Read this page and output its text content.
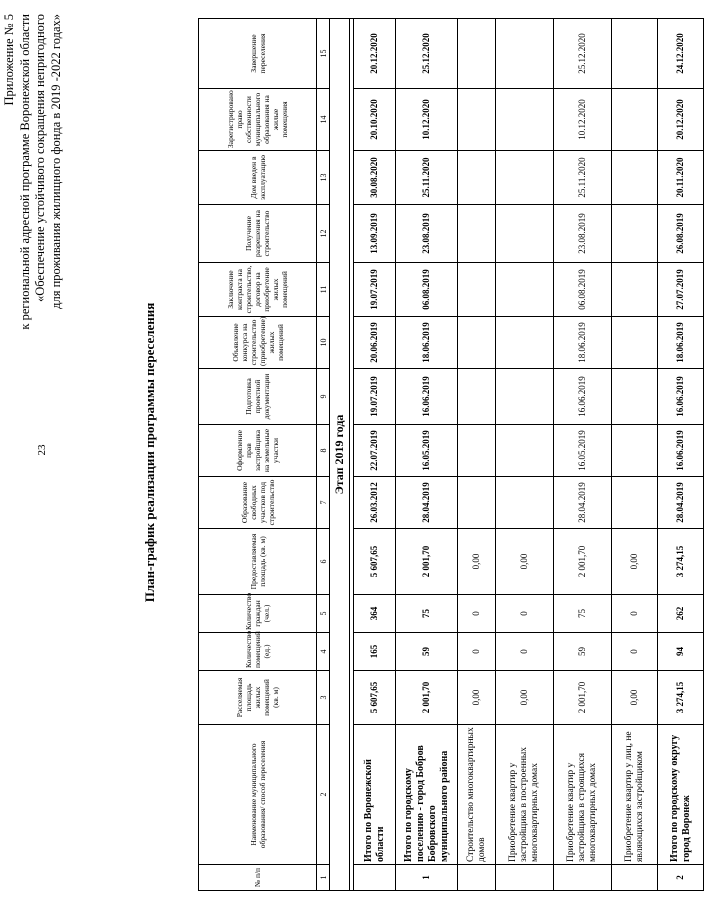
23
Приложение № 5 к региональной адресной программе Воронежской области «Обеспечение устойчивого сокращения непригодного для проживания жилищного фонда в 2019 -2022 годах»
План-график реализации программы переселения
№ п/п	Наименование муниципального образования/ способ переселения	Расселяемая площадь жилых помещений (кв. м)	Количество помещений (ед.)	Количество граждан (чел.)	Предоставляемая площадь (кв. м)	Образование свободных участков под строительство	Оформление прав застройщика на земельные участки	Подготовка проектной документации	Объявление конкурса на строительство (приобретение) жилых помещений	Заключение контракта на строительство, договор на приобретение жилых помещений	Получение разрешения на строительство	Дом введен в эксплуатацию	Зарегистрировано право собственности муниципального образования на жилые помещения	Завершение переселения
1	2	3	4	5	6	7	8	9	10	11	12	13	14	15
Этап 2019 года														

	Итого по Воронежской области	5 607,65	165	364	5 607,65	26.03.2012	22.07.2019	19.07.2019	20.06.2019	19.07.2019	13.09.2019	30.08.2020	20.10.2020	20.12.2020
1	Итого по городскому поселению - город Бобров Бобровского муниципального района	2 001,70	59	75	2 001,70	28.04.2019	16.05.2019	16.06.2019	18.06.2019	06.08.2019	23.08.2019	25.11.2020	10.12.2020	25.12.2020
	Строительство многоквартирных домов	0,00	0	0	0,00									
	Приобретение квартир у застройщика в построенных многоквартирных домах	0,00	0	0	0,00									
	Приобретение квартир у застройщика в строящихся многоквартирных домах	2 001,70	59	75	2 001,70	28.04.2019	16.05.2019	16.06.2019	18.06.2019	06.08.2019	23.08.2019	25.11.2020	10.12.2020	25.12.2020
	Приобретение квартир у лиц, не являющихся застройщиком	0,00	0	0	0,00									
2	Итого по городскому округу город Воронеж	3 274,15	94	262	3 274,15	28.04.2019	16.06.2019	16.06.2019	18.06.2019	27.07.2019	26.08.2019	20.11.2020	20.12.2020	24.12.2020
